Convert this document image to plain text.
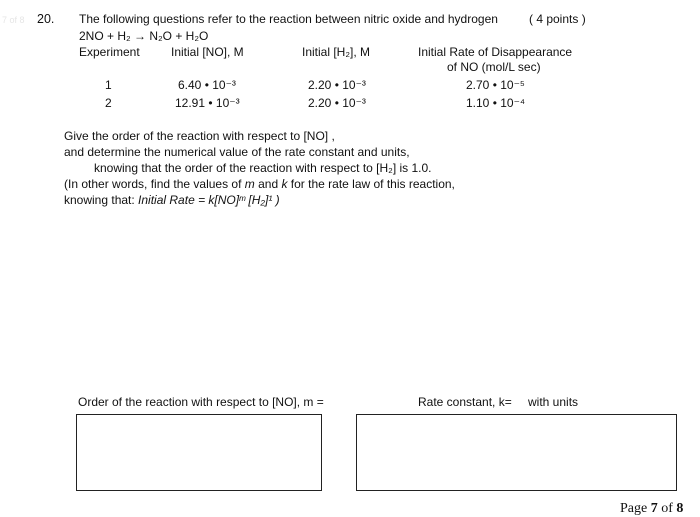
7 of 8 20. The following questions refer to the reaction between nitric oxide and hydrogen	( 4 points )
2NO + H₂ → N₂O + H₂O
Experiment	Initial [NO], M	Initial [H₂], M	Initial Rate of Disappearance
of NO (mol/L sec)
1	6.40 • 10⁻³	2.20 • 10⁻³	2.70 • 10⁻⁵
2	12.91 • 10⁻³	2.20 • 10⁻³	1.10 • 10⁻⁴
Give the order of the reaction with respect to [NO] ,
and determine the numerical value of the rate constant and units,
knowing that the order of the reaction with respect to [H₂] is 1.0.
(In other words, find the values of m and k for the rate law of this reaction,
knowing that: Initial Rate = k[NO]ᵐ [H₂]¹ )
Order of the reaction with respect to [NO], m =	Rate constant, k= with units
Page 7 of 8
